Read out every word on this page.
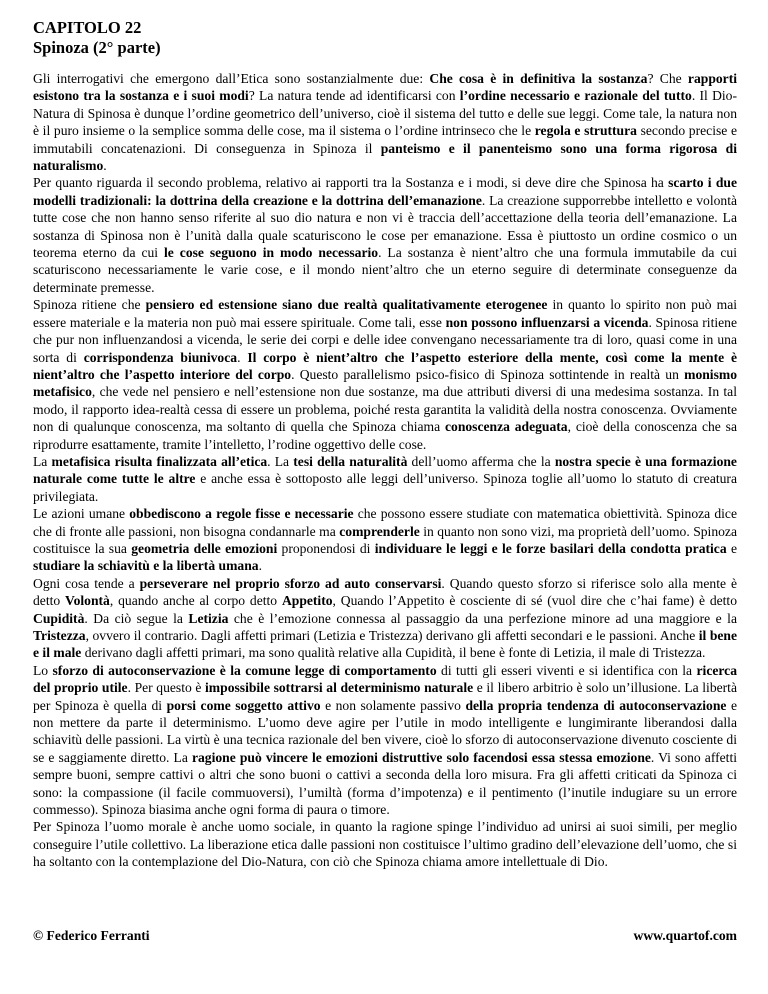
CAPITOLO 22
Spinoza (2° parte)

Gli interrogativi che emergono dall’Etica sono sostanzialmente due: Che cosa è in definitiva la sostanza? Che rapporti esistono tra la sostanza e i suoi modi? La natura tende ad identificarsi con l’ordine necessario e razionale del tutto. Il Dio- Natura di Spinosa è dunque l’ordine geometrico dell’universo, cioè il sistema del tutto e delle sue leggi. Come tale, la natura non è il puro insieme o la semplice somma delle cose, ma il sistema o l’ordine intrinseco che le regola e struttura secondo precise e immutabili concatenazioni. Di conseguenza in Spinoza il panteismo e il panenteismo sono una forma rigorosa di naturalismo.

Per quanto riguarda il secondo problema, relativo ai rapporti tra la Sostanza e i modi, si deve dire che Spinosa ha scarto i due modelli tradizionali: la dottrina della creazione e la dottrina dell’emanazione. La creazione supporrebbe intelletto e volontà tutte cose che non hanno senso riferite al suo dio natura e non vi è traccia dell’accettazione della teoria dell’emanazione. La sostanza di Spinosa non è l’unità dalla quale scaturiscono le cose per emanazione. Essa è piuttosto un ordine cosmico o un teorema eterno da cui le cose seguono in modo necessario. La sostanza è nient’altro che una formula immutabile da cui scaturiscono necessariamente le varie cose, e il mondo nient’altro che un eterno seguire di determinate conseguenze da determinate premesse.

Spinoza ritiene che pensiero ed estensione siano due realtà qualitativamente eterogenee in quanto lo spirito non può mai essere materiale e la materia non può mai essere spirituale. Come tali, esse non possono influenzarsi a vicenda. Spinosa ritiene che pur non influenzandosi a vicenda, le serie dei corpi e delle idee convengano necessariamente tra di loro, quasi come in una sorta di corrispondenza biunivoca. Il corpo è nient’altro che l’aspetto esteriore della mente, così come la mente è nient’altro che l’aspetto interiore del corpo. Questo parallelismo psico-fisico di Spinoza sottintende in realtà un monismo metafisico, che vede nel pensiero e nell’estensione non due sostanze, ma due attributi diversi di una medesima sostanza. In tal modo, il rapporto idea-realtà cessa di essere un problema, poiché resta garantita la validità della nostra conoscenza. Ovviamente non di qualunque conoscenza, ma soltanto di quella che Spinoza chiama conoscenza adeguata, cioè della conoscenza che sa riprodurre esattamente, tramite l’intelletto, l’rodine oggettivo delle cose.

La metafisica risulta finalizzata all’etica. La tesi della naturalità dell’uomo afferma che la nostra specie è una formazione naturale come tutte le altre e anche essa è sottoposto alle leggi dell’universo. Spinoza toglie all’uomo lo statuto di creatura privilegiata.

Le azioni umane obbediscono a regole fisse e necessarie che possono essere studiate con matematica obiettività. Spinoza dice che di fronte alle passioni, non bisogna condannarle ma comprenderle in quanto non sono vizi, ma proprietà dell’uomo. Spinoza costituisce la sua geometria delle emozioni proponendosi di individuare le leggi e le forze basilari della condotta pratica e studiare la schiavitù e la libertà umana.

Ogni cosa tende a perseverare nel proprio sforzo ad auto conservarsi. Quando questo sforzo si riferisce solo alla mente è detto Volontà, quando anche al corpo detto Appetito, Quando l’Appetito è cosciente di sé (vuol dire che c’hai fame) è detto Cupidità. Da ciò segue la Letizia che è l’emozione connessa al passaggio da una perfezione minore ad una maggiore e la Tristezza, ovvero il contrario. Dagli affetti primari (Letizia e Tristezza) derivano gli affetti secondari e le passioni. Anche il bene e il male derivano dagli affetti primari, ma sono qualità relative alla Cupidità, il bene è fonte di Letizia, il male di Tristezza.

Lo sforzo di autoconservazione è la comune legge di comportamento di tutti gli esseri viventi e si identifica con la ricerca del proprio utile. Per questo è impossibile sottrarsi al determinismo naturale e il libero arbitrio è solo un’illusione. La libertà per Spinoza è quella di porsi come soggetto attivo e non solamente passivo della propria tendenza di autoconservazione e non mettere da parte il determinismo. L’uomo deve agire per l’utile in modo intelligente e lungimirante liberandosi dalla schiavitù delle passioni. La virtù è una tecnica razionale del ben vivere, cioè lo sforzo di autoconservazione divenuto cosciente di se e saggiamente diretto. La ragione può vincere le emozioni distruttive solo facendosi essa stessa emozione. Vi sono affetti sempre buoni, sempre cattivi o altri che sono buoni o cattivi a seconda della loro misura. Fra gli affetti criticati da Spinoza ci sono: la compassione (il facile commuoversi), l’umiltà (forma d’impotenza) e il pentimento (l’inutile indugiare su un errore commesso). Spinoza biasima anche ogni forma di paura o timore.

Per Spinoza l’uomo morale è anche uomo sociale, in quanto la ragione spinge l’individuo ad unirsi ai suoi simili, per meglio conseguire l’utile collettivo. La liberazione etica dalle passioni non costituisce l’ultimo gradino dell’elevazione dell’uomo, che si ha soltanto con la contemplazione del Dio-Natura, con ciò che Spinoza chiama amore intellettuale di Dio.

© Federico Ferranti	www.quartof.com
